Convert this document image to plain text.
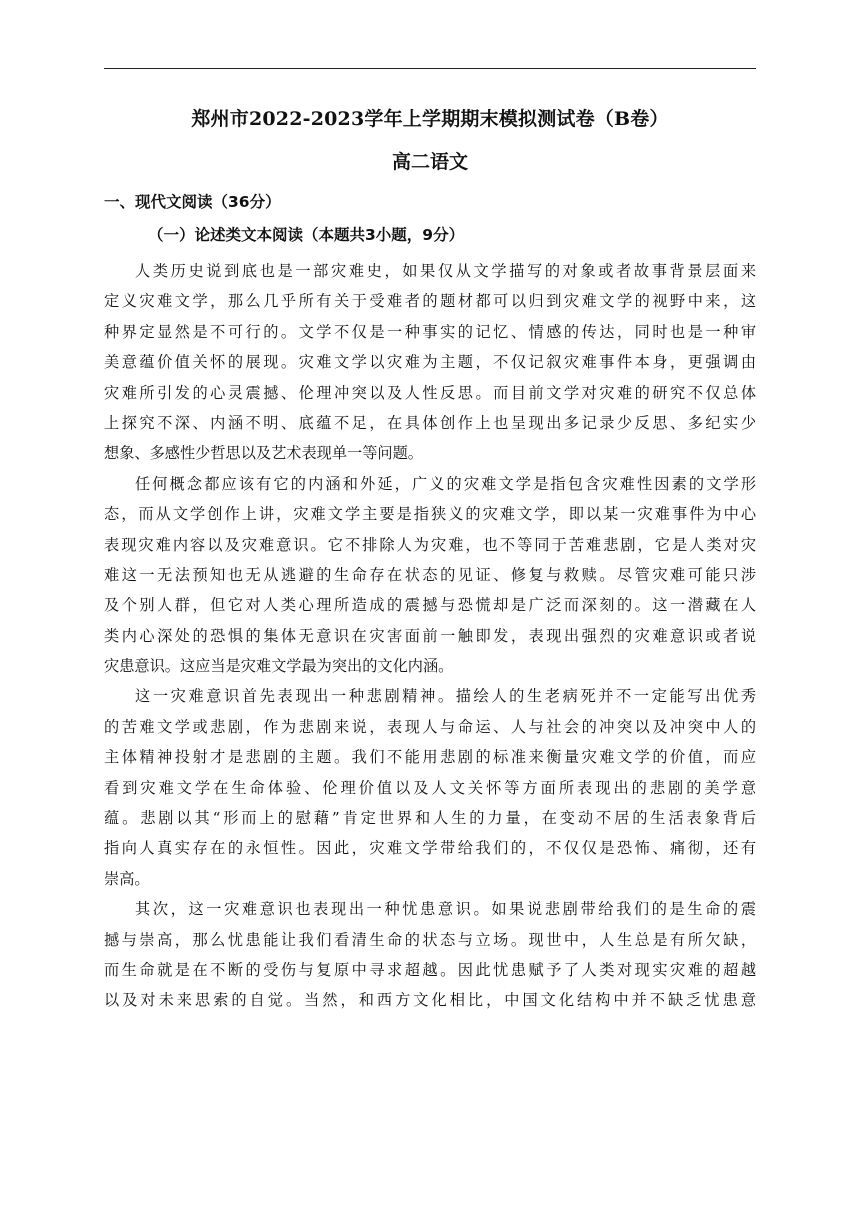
郑州市2022-2023学年上学期期末模拟测试卷（B卷）
高二语文
一、现代文阅读（36分）
（一）论述类文本阅读（本题共3小题，9分）
人类历史说到底也是一部灾难史，如果仅从文学描写的对象或者故事背景层面来
定义灾难文学，那么几乎所有关于受难者的题材都可以归到灾难文学的视野中来，这
种界定显然是不可行的。文学不仅是一种事实的记忆、情感的传达，同时也是一种审
美意蕴价值关怀的展现。灾难文学以灾难为主题，不仅记叙灾难事件本身，更强调由
灾难所引发的心灵震撼、伦理冲突以及人性反思。而目前文学对灾难的研究不仅总体
上探究不深、内涵不明、底蕴不足，在具体创作上也呈现出多记录少反思、多纪实少
想象、多感性少哲思以及艺术表现单一等问题。
任何概念都应该有它的内涵和外延，广义的灾难文学是指包含灾难性因素的文学形
态，而从文学创作上讲，灾难文学主要是指狭义的灾难文学，即以某一灾难事件为中心
表现灾难内容以及灾难意识。它不排除人为灾难，也不等同于苦难悲剧，它是人类对灾
难这一无法预知也无从逃避的生命存在状态的见证、修复与救赎。尽管灾难可能只涉
及个别人群，但它对人类心理所造成的震撼与恐慌却是广泛而深刻的。这一潜藏在人
类内心深处的恐惧的集体无意识在灾害面前一触即发，表现出强烈的灾难意识或者说
灾患意识。这应当是灾难文学最为突出的文化内涵。
这一灾难意识首先表现出一种悲剧精神。描绘人的生老病死并不一定能写出优秀
的苦难文学或悲剧，作为悲剧来说，表现人与命运、人与社会的冲突以及冲突中人的
主体精神投射才是悲剧的主题。我们不能用悲剧的标准来衡量灾难文学的价值，而应
看到灾难文学在生命体验、伦理价值以及人文关怀等方面所表现出的悲剧的美学意
蕴。悲剧以其“形而上的慰藉”肯定世界和人生的力量，在变动不居的生活表象背后
指向人真实存在的永恒性。因此，灾难文学带给我们的，不仅仅是恐怖、痛彻，还有
崇高。
其次，这一灾难意识也表现出一种忧患意识。如果说悲剧带给我们的是生命的震
撼与崇高，那么忧患能让我们看清生命的状态与立场。现世中，人生总是有所欠缺，
而生命就是在不断的受伤与复原中寻求超越。因此忧患赋予了人类对现实灾难的超越
以及对未来思索的自觉。当然，和西方文化相比，中国文化结构中并不缺乏忧患意
